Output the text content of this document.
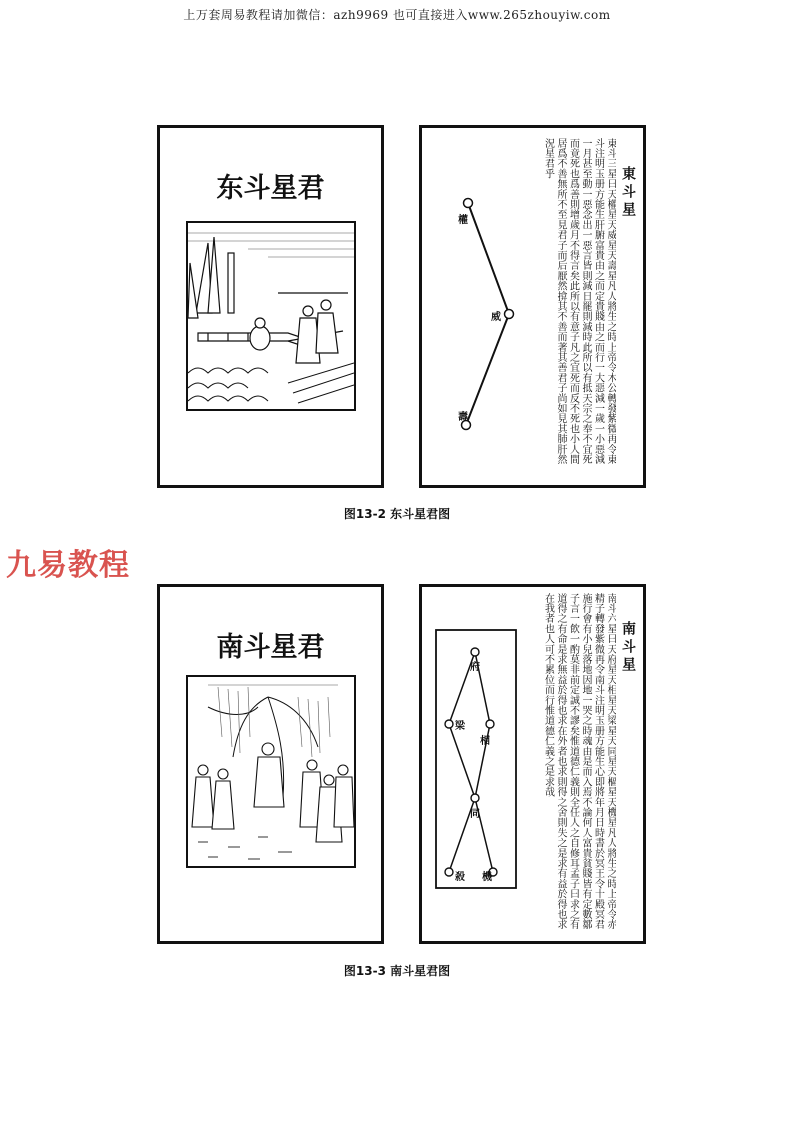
上万套周易教程请加微信：azh9969 也可直接进入www.265zhouyiw.com
九易教程
东斗星君
權
威
壽
東斗星
東斗三星曰天權星天威星天壽星凡人將生之時上帝令木公轉發紫微再令東斗注明玉册方能生肝腑富貴由之而定貴賤由之而行一大惡減一歲一小惡減一月甚至動一惡念出一惡言皆則減日罷則減時此所以有抵天宗之奉不宜死而竟死也爲善則增歲月不得言矣此所以有意子凡之宜死而反不死也小人間居爲不善無所不至見君子而后厭然揜其不善而著其善君子尚如見其肺肝然況星君乎
图13-2 东斗星君图
南斗星君
府
梁
相
同
殺 機
南斗星
南斗六星曰天府星天相星天梁星天同星天樞星天機星凡人將生之時上帝令赤精子轉發紫微再令南斗注明玉册方能生心即將年月日時書於冥王令十殿冥君施行會有小兒落地因地一哭之時魂由是而入焉不論何人富貴貧賤皆有定數鄒子言一飲一酌莫非前定誠不謬矣惟道德仁義則全任人之自修耳孟子曰求之有道得之有命是求無益於得也求在外者也求則得之舍則失之是求有益於得也求在我者也人可不累位而行惟道德仁義之是求哉
图13-3 南斗星君图
